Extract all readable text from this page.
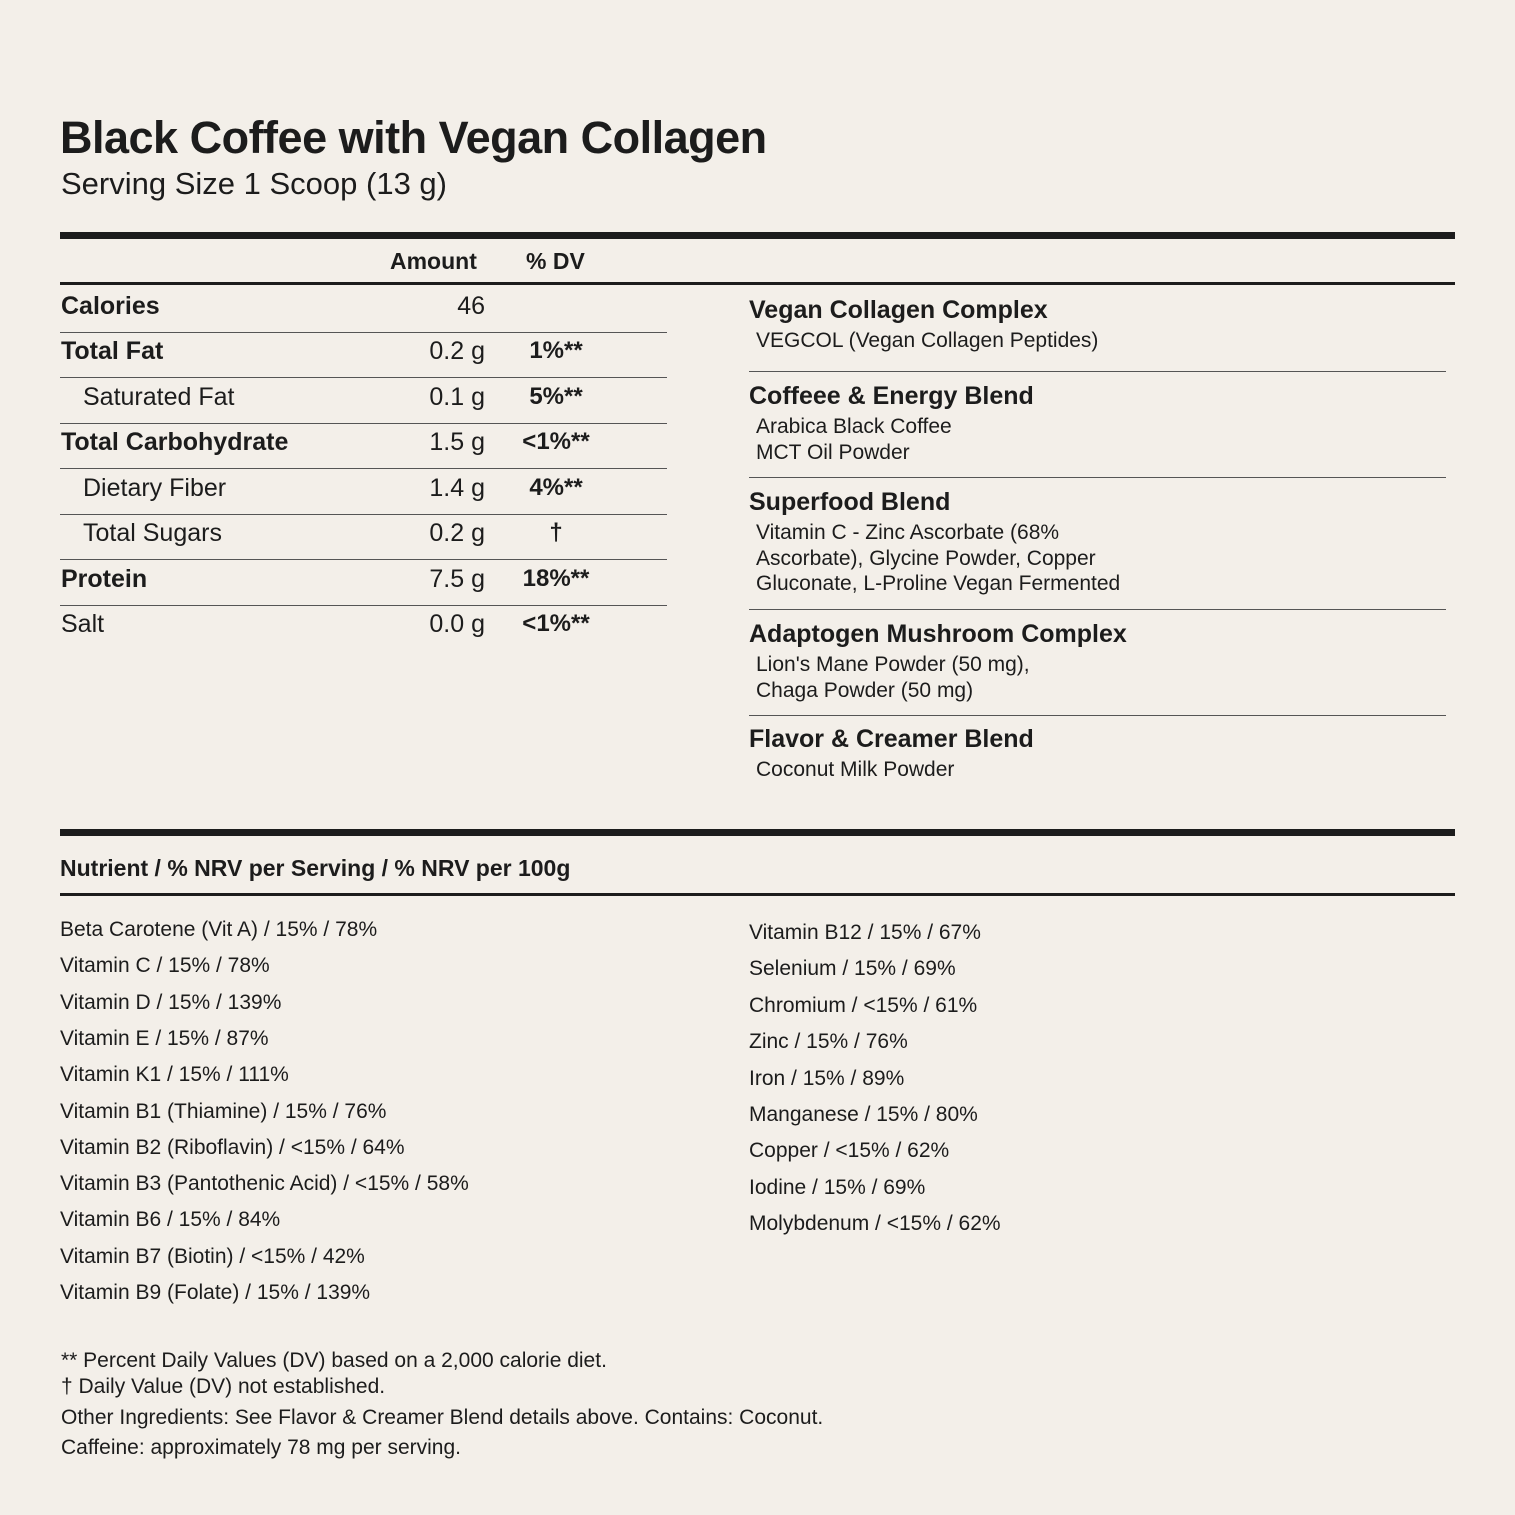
Black Coffee with Vegan Collagen
Serving Size 1 Scoop (13 g)
Amount % DV
Calories	46
Total Fat	0.2 g	1%**
Saturated Fat	0.1 g	5%**
Total Carbohydrate	1.5 g	<1%**
Dietary Fiber	1.4 g	4%**
Total Sugars	0.2 g	†
Protein	7.5 g	18%**
Salt	0.0 g	<1%**
Vegan Collagen Complex
VEGCOL (Vegan Collagen Peptides)
Coffeee & Energy Blend
Arabica Black Coffee
MCT Oil Powder
Superfood Blend
Vitamin C - Zinc Ascorbate (68%
Ascorbate), Glycine Powder, Copper
Gluconate, L-Proline Vegan Fermented
Adaptogen Mushroom Complex
Lion's Mane Powder (50 mg),
Chaga Powder (50 mg)
Flavor & Creamer Blend
Coconut Milk Powder
Nutrient / % NRV per Serving / % NRV per 100g
Beta Carotene (Vit A) / 15% / 78%
Vitamin C / 15% / 78%
Vitamin D / 15% / 139%
Vitamin E / 15% / 87%
Vitamin K1 / 15% / 111%
Vitamin B1 (Thiamine) / 15% / 76%
Vitamin B2 (Riboflavin) / <15% / 64%
Vitamin B3 (Pantothenic Acid) / <15% / 58%
Vitamin B6 / 15% / 84%
Vitamin B7 (Biotin) / <15% / 42%
Vitamin B9 (Folate) / 15% / 139%
Vitamin B12 / 15% / 67%
Selenium / 15% / 69%
Chromium / <15% / 61%
Zinc / 15% / 76%
Iron / 15% / 89%
Manganese / 15% / 80%
Copper / <15% / 62%
Iodine / 15% / 69%
Molybdenum / <15% / 62%
** Percent Daily Values (DV) based on a 2,000 calorie diet.
† Daily Value (DV) not established.
Other Ingredients: See Flavor & Creamer Blend details above. Contains: Coconut.
Caffeine: approximately 78 mg per serving.
